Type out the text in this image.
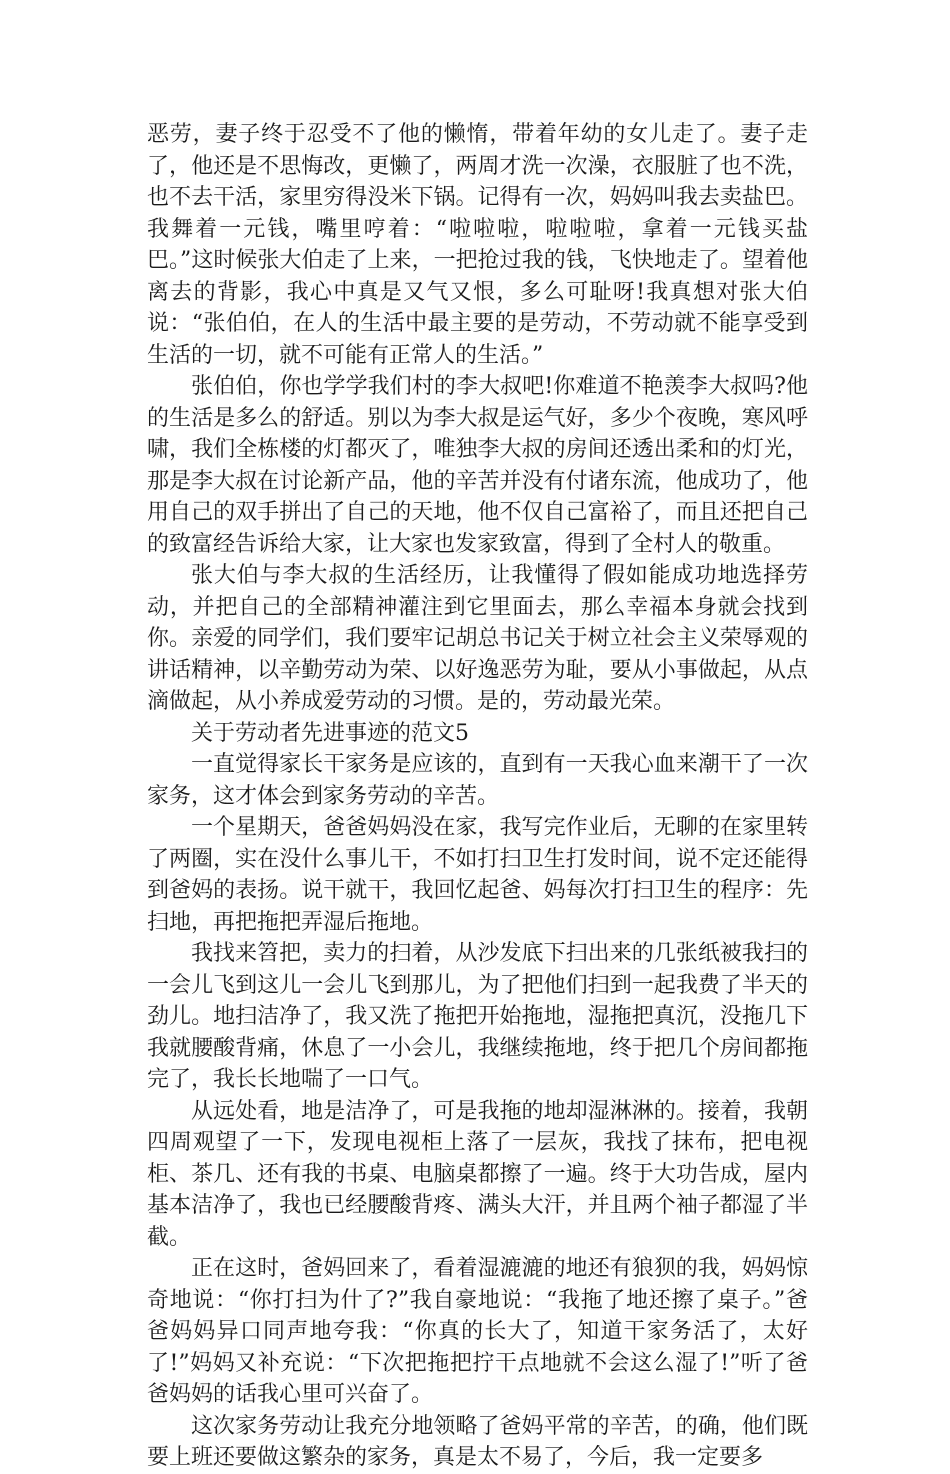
恶劳，妻子终于忍受不了他的懒惰，带着年幼的女儿走了。妻子走了，他还是不思悔改，更懒了，两周才洗一次澡，衣服脏了也不洗，也不去干活，家里穷得没米下锅。记得有一次，妈妈叫我去卖盐巴。我舞着一元钱，嘴里哼着：“啦啦啦，啦啦啦，拿着一元钱买盐巴。”这时候张大伯走了上来，一把抢过我的钱，飞快地走了。望着他离去的背影，我心中真是又气又恨，多么可耻呀!我真想对张大伯说：“张伯伯，在人的生活中最主要的是劳动，不劳动就不能享受到生活的一切，就不可能有正常人的生活。”

张伯伯，你也学学我们村的李大叔吧!你难道不艳羡李大叔吗?他的生活是多么的舒适。别以为李大叔是运气好，多少个夜晚，寒风呼啸，我们全栋楼的灯都灭了，唯独李大叔的房间还透出柔和的灯光，那是李大叔在讨论新产品，他的辛苦并没有付诸东流，他成功了，他用自己的双手拼出了自己的天地，他不仅自己富裕了，而且还把自己的致富经告诉给大家，让大家也发家致富，得到了全村人的敬重。

张大伯与李大叔的生活经历，让我懂得了假如能成功地选择劳动，并把自己的全部精神灌注到它里面去，那么幸福本身就会找到你。亲爱的同学们，我们要牢记胡总书记关于树立社会主义荣辱观的讲话精神，以辛勤劳动为荣、以好逸恶劳为耻，要从小事做起，从点滴做起，从小养成爱劳动的习惯。是的，劳动最光荣。

关于劳动者先进事迹的范文5

一直觉得家长干家务是应该的，直到有一天我心血来潮干了一次家务，这才体会到家务劳动的辛苦。

一个星期天，爸爸妈妈没在家，我写完作业后，无聊的在家里转了两圈，实在没什么事儿干，不如打扫卫生打发时间，说不定还能得到爸妈的表扬。说干就干，我回忆起爸、妈每次打扫卫生的程序：先扫地，再把拖把弄湿后拖地。

我找来笤把，卖力的扫着，从沙发底下扫出来的几张纸被我扫的一会儿飞到这儿一会儿飞到那儿，为了把他们扫到一起我费了半天的劲儿。地扫洁净了，我又洗了拖把开始拖地，湿拖把真沉，没拖几下我就腰酸背痛，休息了一小会儿，我继续拖地，终于把几个房间都拖完了，我长长地喘了一口气。

从远处看，地是洁净了，可是我拖的地却湿淋淋的。接着，我朝四周观望了一下，发现电视柜上落了一层灰，我找了抹布，把电视柜、茶几、还有我的书桌、电脑桌都擦了一遍。终于大功告成，屋内基本洁净了，我也已经腰酸背疼、满头大汗，并且两个袖子都湿了半截。

正在这时，爸妈回来了，看着湿漉漉的地还有狼狈的我，妈妈惊奇地说：“你打扫为什了?”我自豪地说：“我拖了地还擦了桌子。”爸爸妈妈异口同声地夸我：“你真的长大了，知道干家务活了，太好了!”妈妈又补充说：“下次把拖把拧干点地就不会这么湿了!”听了爸爸妈妈的话我心里可兴奋了。

这次家务劳动让我充分地领略了爸妈平常的辛苦，的确，他们既要上班还要做这繁杂的家务，真是太不易了，今后，我一定要多
